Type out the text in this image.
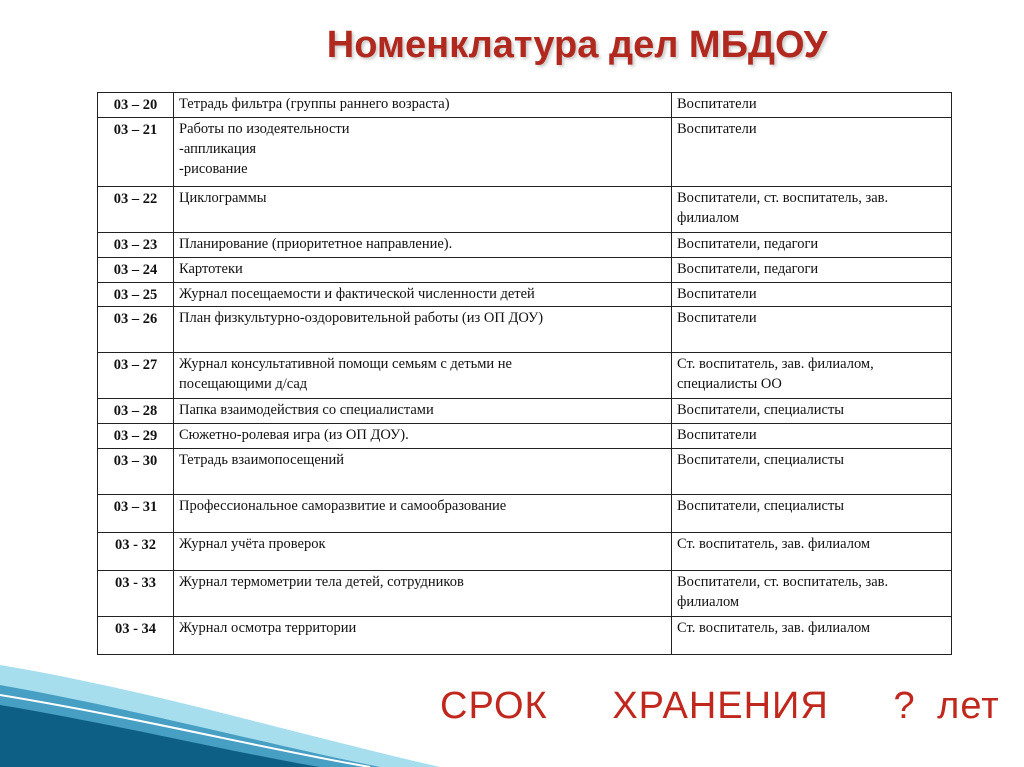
Номенклатура дел МБДОУ
03 – 20	Тетрадь фильтра (группы раннего возраста)	Воспитатели
03 – 21	Работы по изодеятельности
-аппликация
-рисование	Воспитатели
03 – 22	Циклограммы	Воспитатели, ст. воспитатель, зав.
филиалом
03 – 23	Планирование (приоритетное направление).	Воспитатели, педагоги
03 – 24	Картотеки	Воспитатели, педагоги
03 – 25	Журнал посещаемости и фактической численности детей	Воспитатели
03 – 26	План физкультурно-оздоровительной работы (из ОП ДОУ)	Воспитатели
03 – 27	Журнал консультативной помощи семьям с детьми не
посещающими д/сад	Ст. воспитатель, зав. филиалом,
специалисты ОО
03 – 28	Папка взаимодействия со специалистами	Воспитатели, специалисты
03 – 29	Сюжетно-ролевая игра (из ОП ДОУ).	Воспитатели
03 – 30	Тетрадь взаимопосещений	Воспитатели, специалисты
03 – 31	Профессиональное саморазвитие и самообразование	Воспитатели, специалисты
03 - 32	Журнал учёта проверок	Ст. воспитатель, зав. филиалом
03 - 33	Журнал термометрии тела детей, сотрудников	Воспитатели, ст. воспитатель, зав.
филиалом
03 - 34	Журнал осмотра территории	Ст. воспитатель, зав. филиалом
СРОК   ХРАНЕНИЯ   ? лет
